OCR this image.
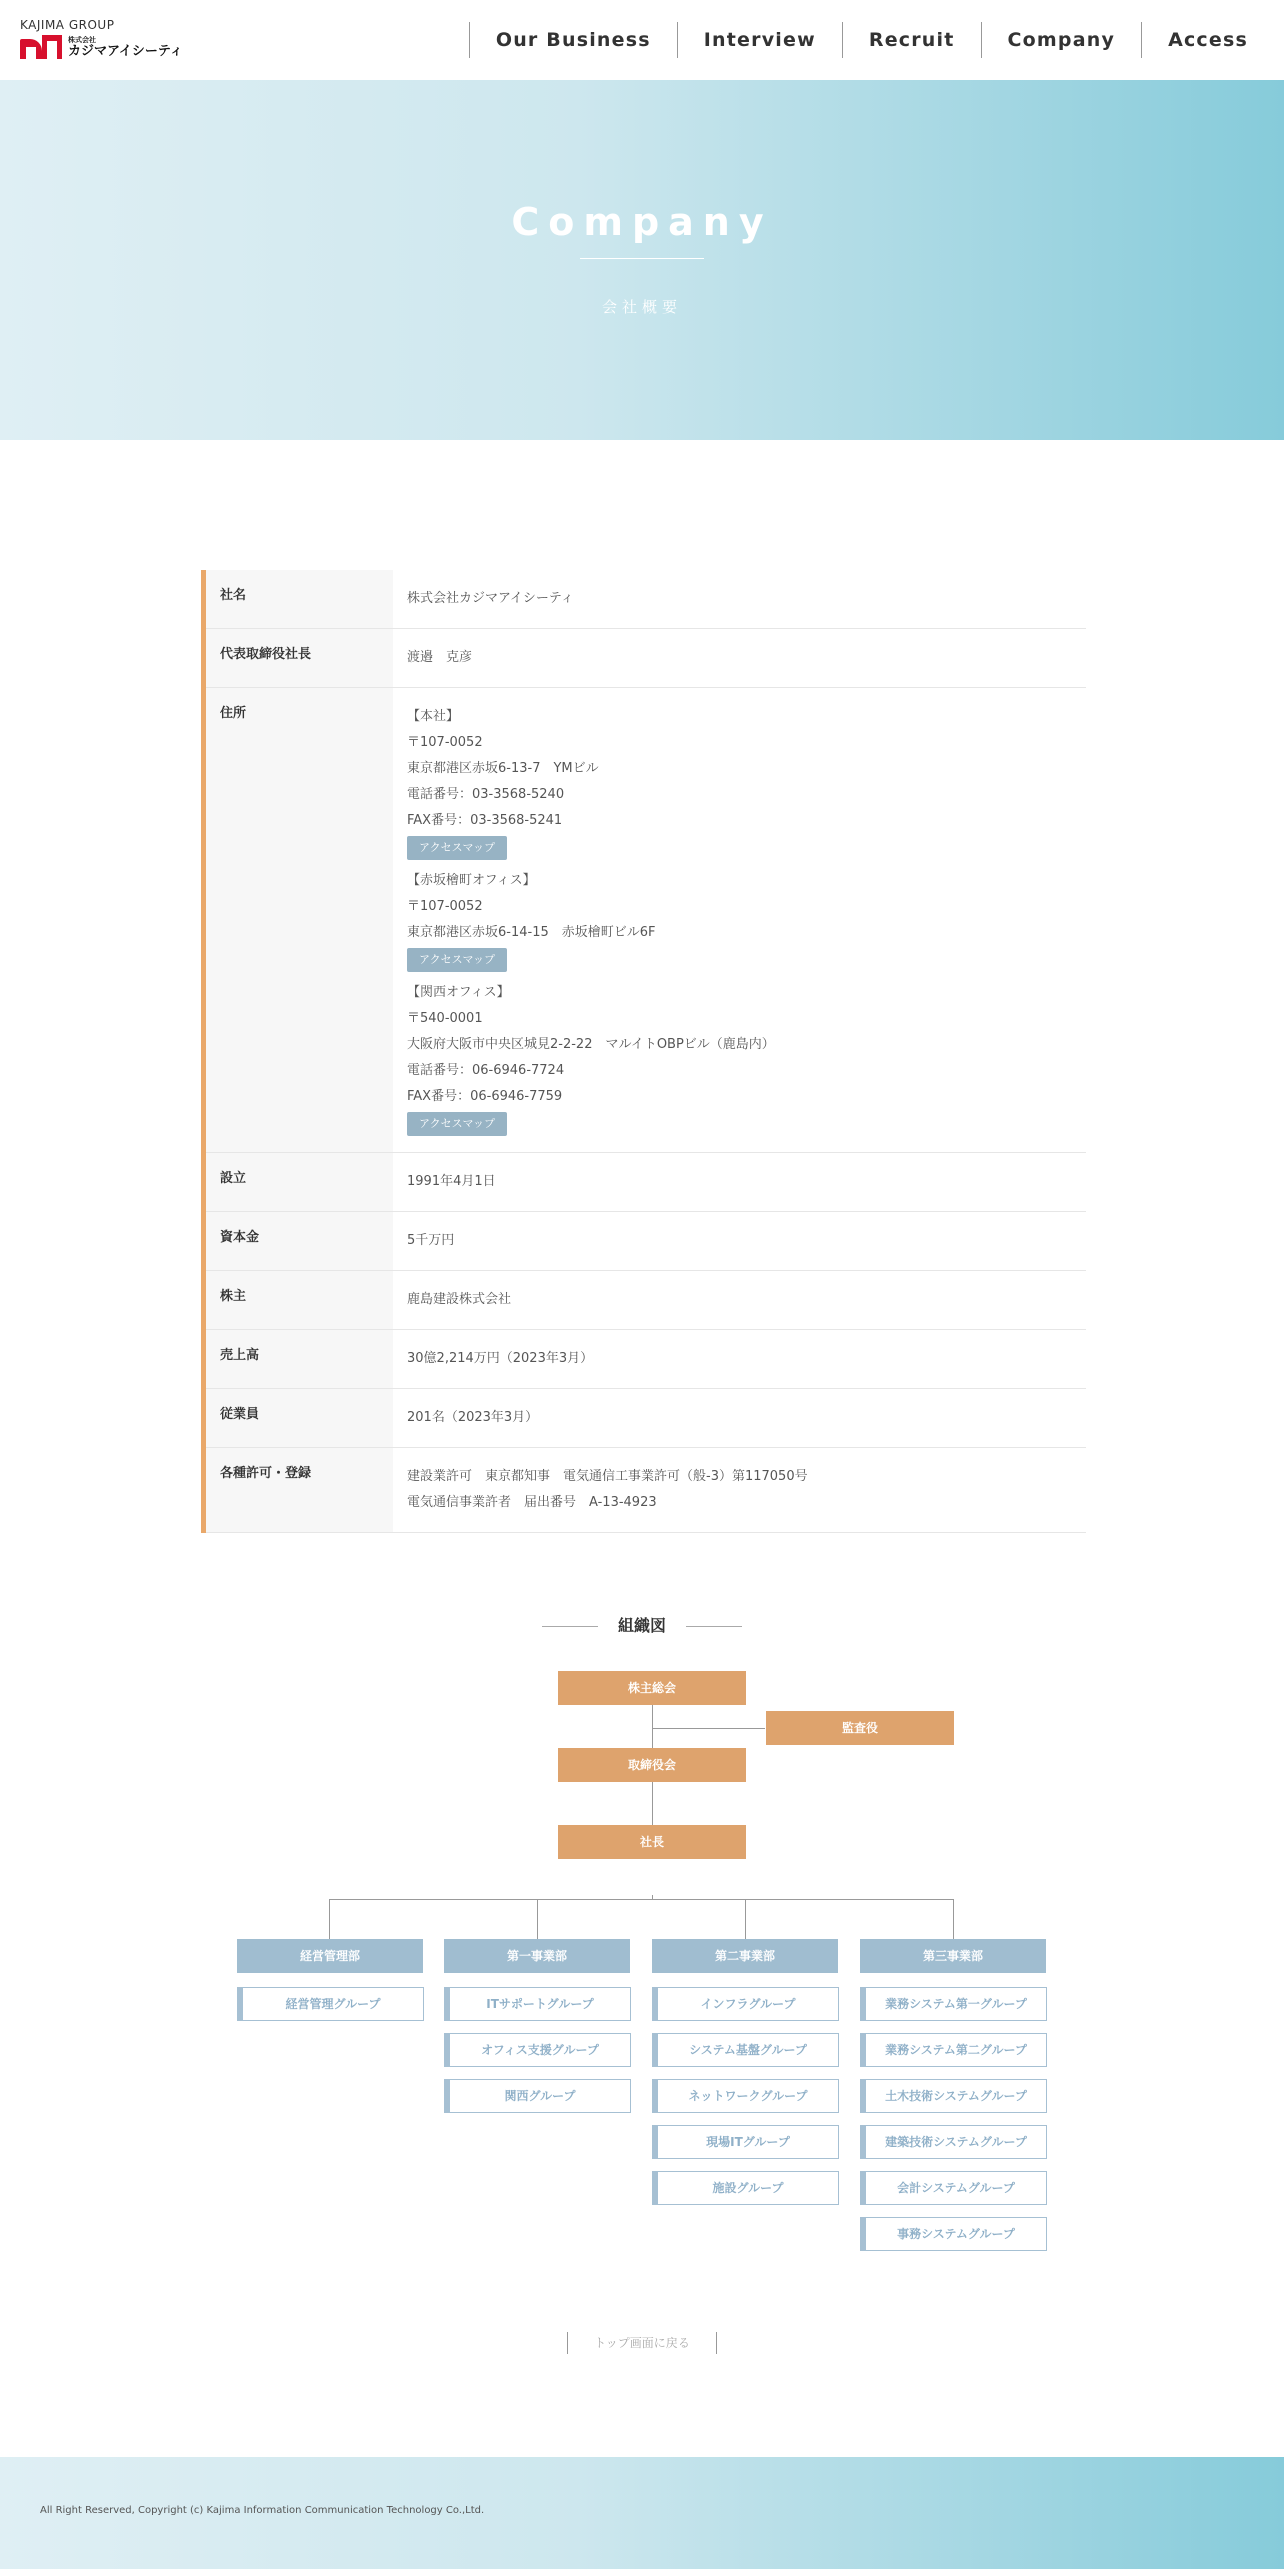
KAJIMA GROUP
株式会社
カジマアイシーティ	Our Business	Interview	Recruit	Company	Access
Company
会社概要
社名	株式会社カジマアイシーティ
代表取締役社長	渡邉　克彦
住所	【本社】
〒107-0052
東京都港区赤坂6-13-7　YMビル
電話番号：03-3568-5240
FAX番号：03-3568-5241
アクセスマップ
【赤坂檜町オフィス】
〒107-0052
東京都港区赤坂6-14-15　赤坂檜町ビル6F
アクセスマップ
【関西オフィス】
〒540-0001
大阪府大阪市中央区城見2-2-22　マルイトOBPビル（鹿島内）
電話番号：06-6946-7724
FAX番号：06-6946-7759
アクセスマップ
設立	1991年4月1日
資本金	5千万円
株主	鹿島建設株式会社
売上高	30億2,214万円（2023年3月）
従業員	201名（2023年3月）
各種許可・登録	建設業許可　東京都知事　電気通信工事業許可（般-3）第117050号
電気通信事業許者　届出番号　A-13-4923
組織図
株主総会
監査役
取締役会
社長
経営管理部	第一事業部	第二事業部	第三事業部
経営管理グループ	ITサポートグループ
オフィス支援グループ
関西グループ
インフラグループ
システム基盤グループ
ネットワークグループ
現場ITグループ
施設グループ
業務システム第一グループ
業務システム第二グループ
土木技術システムグループ
建築技術システムグループ
会計システムグループ
事務システムグループ
トップ画面に戻る
All Right Reserved, Copyright (c) Kajima Information Communication Technology Co.,Ltd.
